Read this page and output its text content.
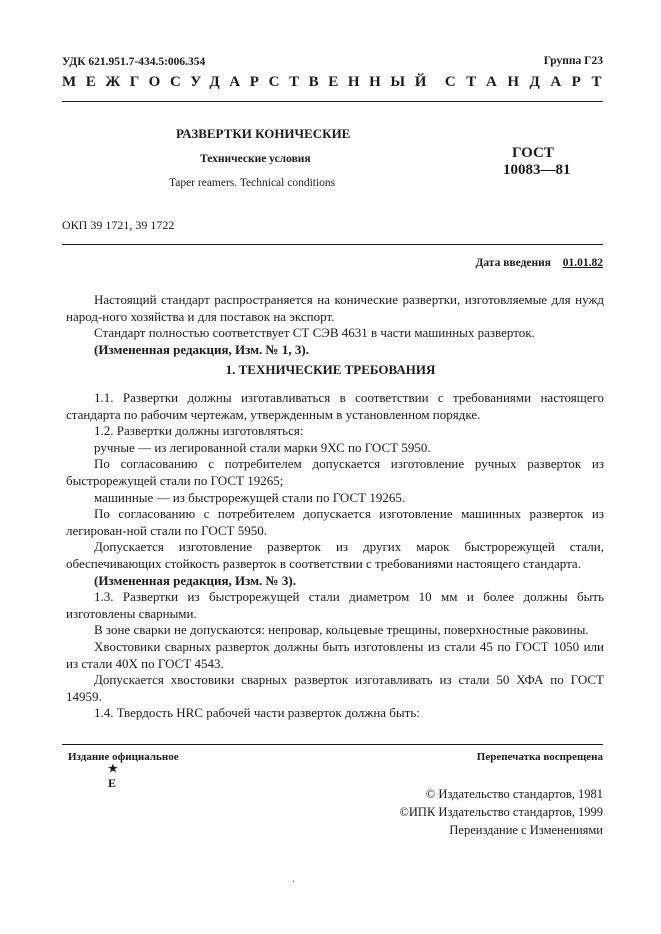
УДК 621.951.7-434.5:006.354	Группа Г23
МЕЖГОСУДАРСТВЕННЫЙ СТАНДАРТ
РАЗВЕРТКИ КОНИЧЕСКИЕ
Технические условия
Taper reamers. Technical conditions
ГОСТ
10083—81
ОКП 39 1721, 39 1722
Дата введения 01.01.82
Настоящий стандарт распространяется на конические развертки, изготовляемые для нужд народ-ного хозяйства и для поставок на экспорт.
Стандарт полностью соответствует СТ СЭВ 4631 в части машинных разверток.
(Измененная редакция, Изм. № 1, 3).
1. ТЕХНИЧЕСКИЕ ТРЕБОВАНИЯ
1.1. Развертки должны изготавливаться в соответствии с требованиями настоящего стандарта по рабочим чертежам, утвержденным в установленном порядке.
1.2. Развертки должны изготовляться:
ручные — из легированной стали марки 9ХС по ГОСТ 5950.
По согласованию с потребителем допускается изготовление ручных разверток из быстрорежущей стали по ГОСТ 19265;
машинные — из быстрорежущей стали по ГОСТ 19265.
По согласованию с потребителем допускается изготовление машинных разверток из легирован-ной стали по ГОСТ 5950.
Допускается изготовление разверток из других марок быстрорежущей стали, обеспечивающих стойкость разверток в соответствии с требованиями настоящего стандарта.
(Измененная редакция, Изм. № 3).
1.3. Развертки из быстрорежущей стали диаметром 10 мм и более должны быть изготовлены сварными.
В зоне сварки не допускаются: непровар, кольцевые трещины, поверхностные раковины.
Хвостовики сварных разверток должны быть изготовлены из стали 45 по ГОСТ 1050 или из стали 40Х по ГОСТ 4543.
Допускается хвостовики сварных разверток изготавливать из стали 50 ХФА по ГОСТ 14959.
1.4. Твердость HRC рабочей части разверток должна быть:
Издание официальное	Перепечатка воспрещена
★
Е
© Издательство стандартов, 1981
©ИПК Издательство стандартов, 1999
Переиздание с Изменениями
.
